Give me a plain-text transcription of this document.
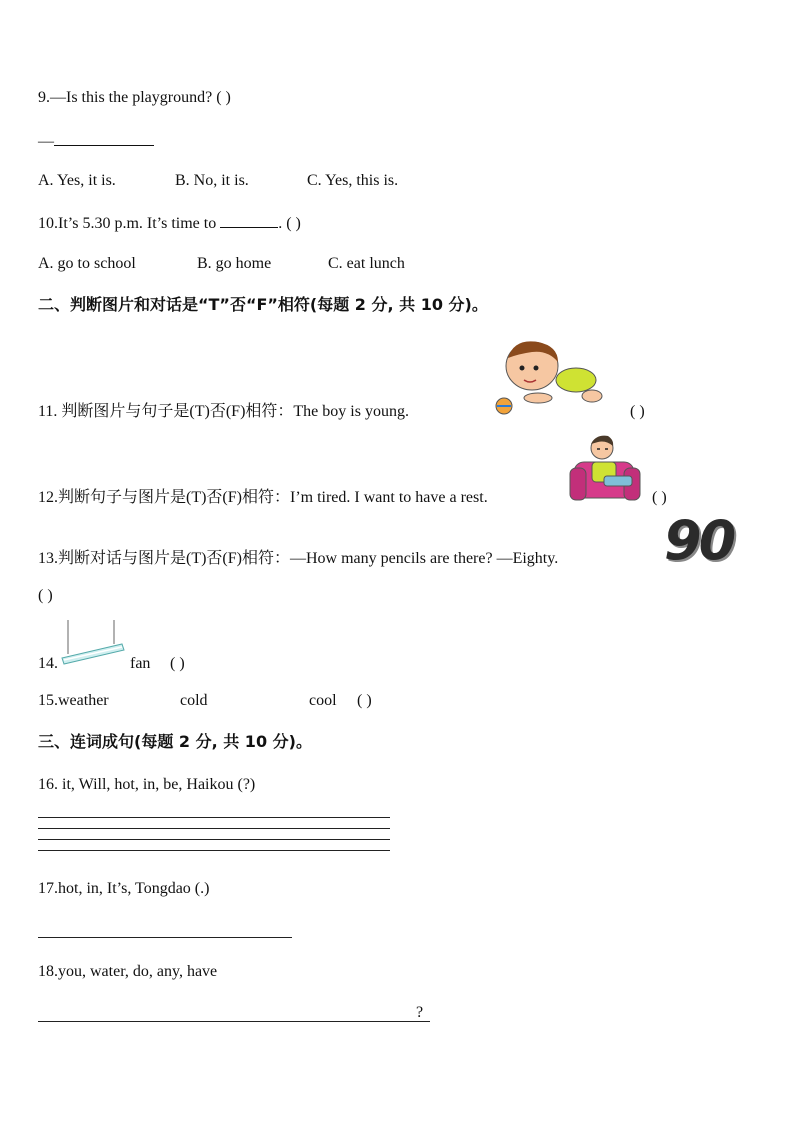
9.—Is this the playground? ( )
—
A. Yes, it is.	B. No, it is.	C. Yes, this is.
10.It’s 5.30 p.m. It’s time to	. ( )
A. go to school	B. go home	C. eat lunch
二、判断图片和对话是“T”否“F”相符(每题 2 分, 共 10 分)。
11. 判断图片与句子是(T)否(F)相符：The boy is young.	( )
12.判断句子与图片是(T)否(F)相符：I’m tired. I want to have a rest.	( )
13.判断对话与图片是(T)否(F)相符：—How many pencils are there? —Eighty. 90
( )
14.	fan ( )
15.weather	cold	cool ( )
三、连词成句(每题 2 分, 共 10 分)。
16. it, Will, hot, in, be, Haikou (?)
17.hot, in, It’s, Tongdao (.)
18.you, water, do, any, have
?
